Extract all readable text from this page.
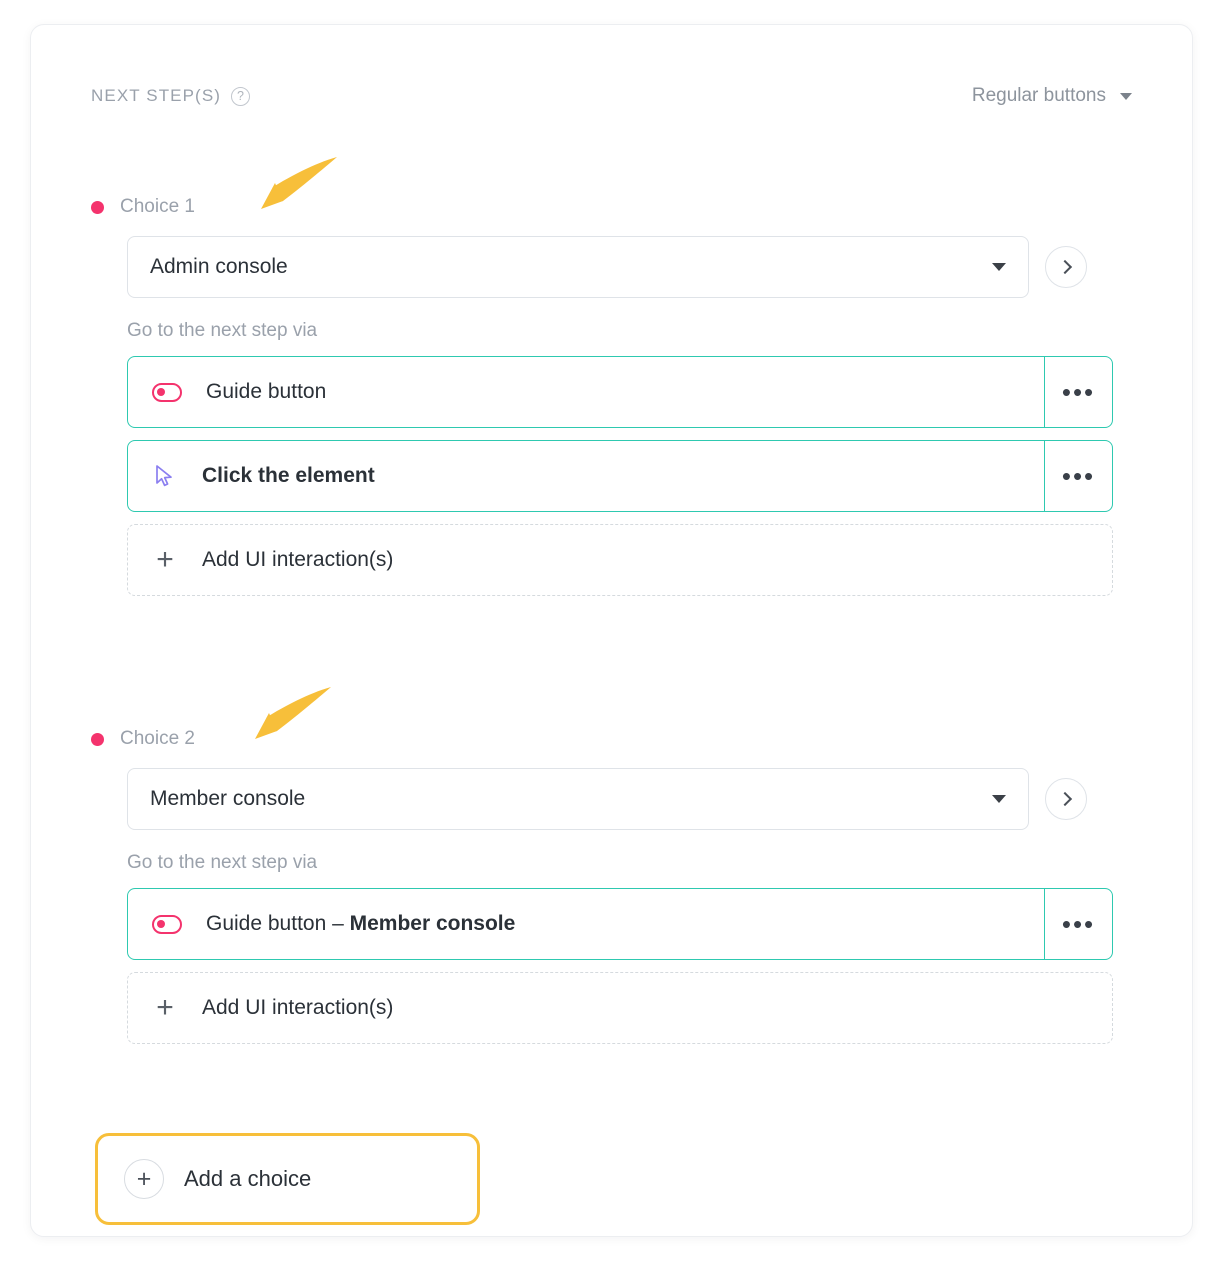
NEXT STEP(S)	?	Regular buttons
Choice 1
Admin console
Go to the next step via
Guide button	•••
Click the element	•••
+ Add UI interaction(s)
Choice 2
Member console
Go to the next step via
Guide button – Member console	•••
+ Add UI interaction(s)
+	Add a choice
